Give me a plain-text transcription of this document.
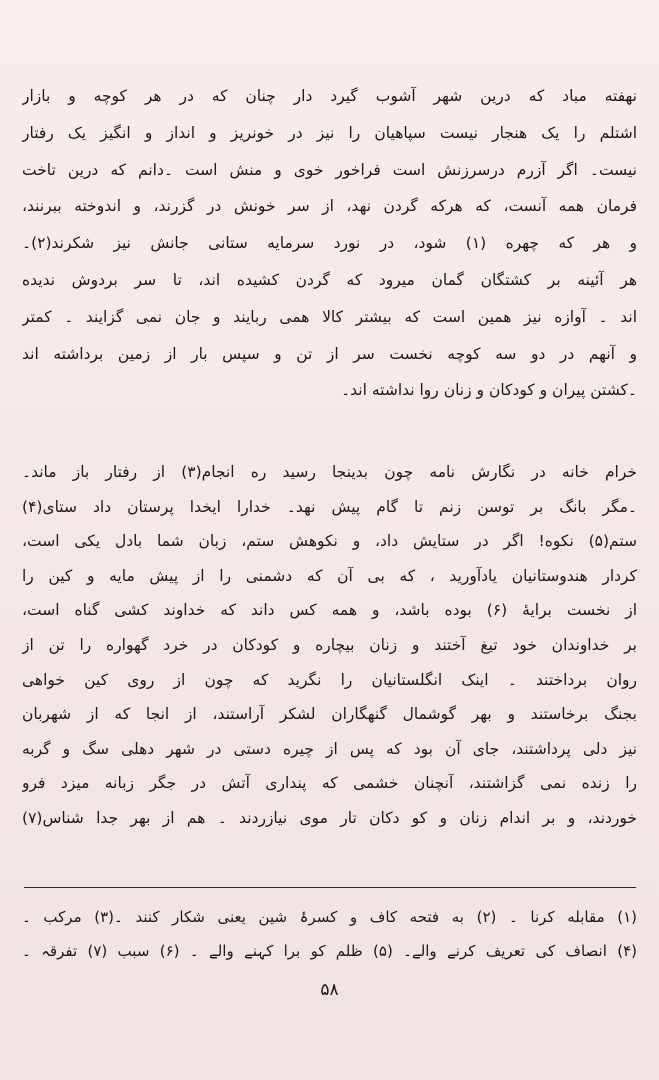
نهفته مباد که درین شهر آشوب گیرد دار چنان که در هر کوچه و بازار
اشتلم را یک هنجار نیست سپاهیان را نیز در خونریز و انداز و انگیز یک رفتار
نیست۔ اگر آزرم درسرزنش است فراخور خوی و منش است ۔دانم که درین تاخت
فرمان همه آنست، که هرکه گردن نهد، از سر خونش در گزرند، و اندوخته ببرنند،
و هر که چهره (۱) شود، در نورد سرمایه ستانی جانش نیز شکرند(۲)۔
هر آئینه بر کشتگان گمان میرود که گردن کشیده اند، تا سر بردوش ندیده
اند ۔ آوازه نیز همین است که بیشتر کالا همی ربایند و جان نمی گزایند ۔ کمتر
و آنهم در دو سه کوچه نخست سر از تن و سپس بار از زمین برداشته اند
۔کشتن پیران و کودکان و زنان روا نداشته اند۔
خرام خانه در نگارش نامه چون بدینجا رسید ره انجام(۳) از رفتار باز ماند۔
۔مگر بانگ بر توسن زنم تا گام پیش نهد۔ خدارا ایخدا پرستان داد ستای(۴)
ستم(۵) نکوه! اگر در ستایش داد، و نکوهش ستم، زبان شما بادل یکی است،
کردار هندوستانیان یادآورید ، که بی آن که دشمنی را از پیش مایه و کین را
از نخست برایهٔ (۶) بوده باشد، و همه کس داند که خداوند کشی گناه است،
بر خداوندان خود تیغ آختند و زنان بیچاره و کودکان در خرد گهواره را تن از
روان برداختند ۔ اینک انگلستانیان را نگرید که چون از روی کین خواهی
بجنگ برخاستند و بهر گوشمال گنهگاران لشکر آراستند، از انجا که از شهربان
نیز دلی پرداشتند، جای آن بود که پس از چیره دستی در شهر دهلی سگ و گربه
را زنده نمی گزاشتند، آنچنان خشمی که پنداری آتش در جگر زبانه میزد فرو
خوردند، و بر اندام زنان و کو دکان تار موی نیازردند ۔ هم از بهر جدا شناس(۷)
(۱) مقابله کرنا ۔ (۲) به فتحه کاف و کسرۂ شین یعنی شکار کنند ۔(۳) مرکب ۔
(۴) انصاف کی تعریف کرنے والے۔ (۵) ظلم کو برا کہنے والے ۔ (۶) سبب (۷) تفرقہ ۔
۵۸
